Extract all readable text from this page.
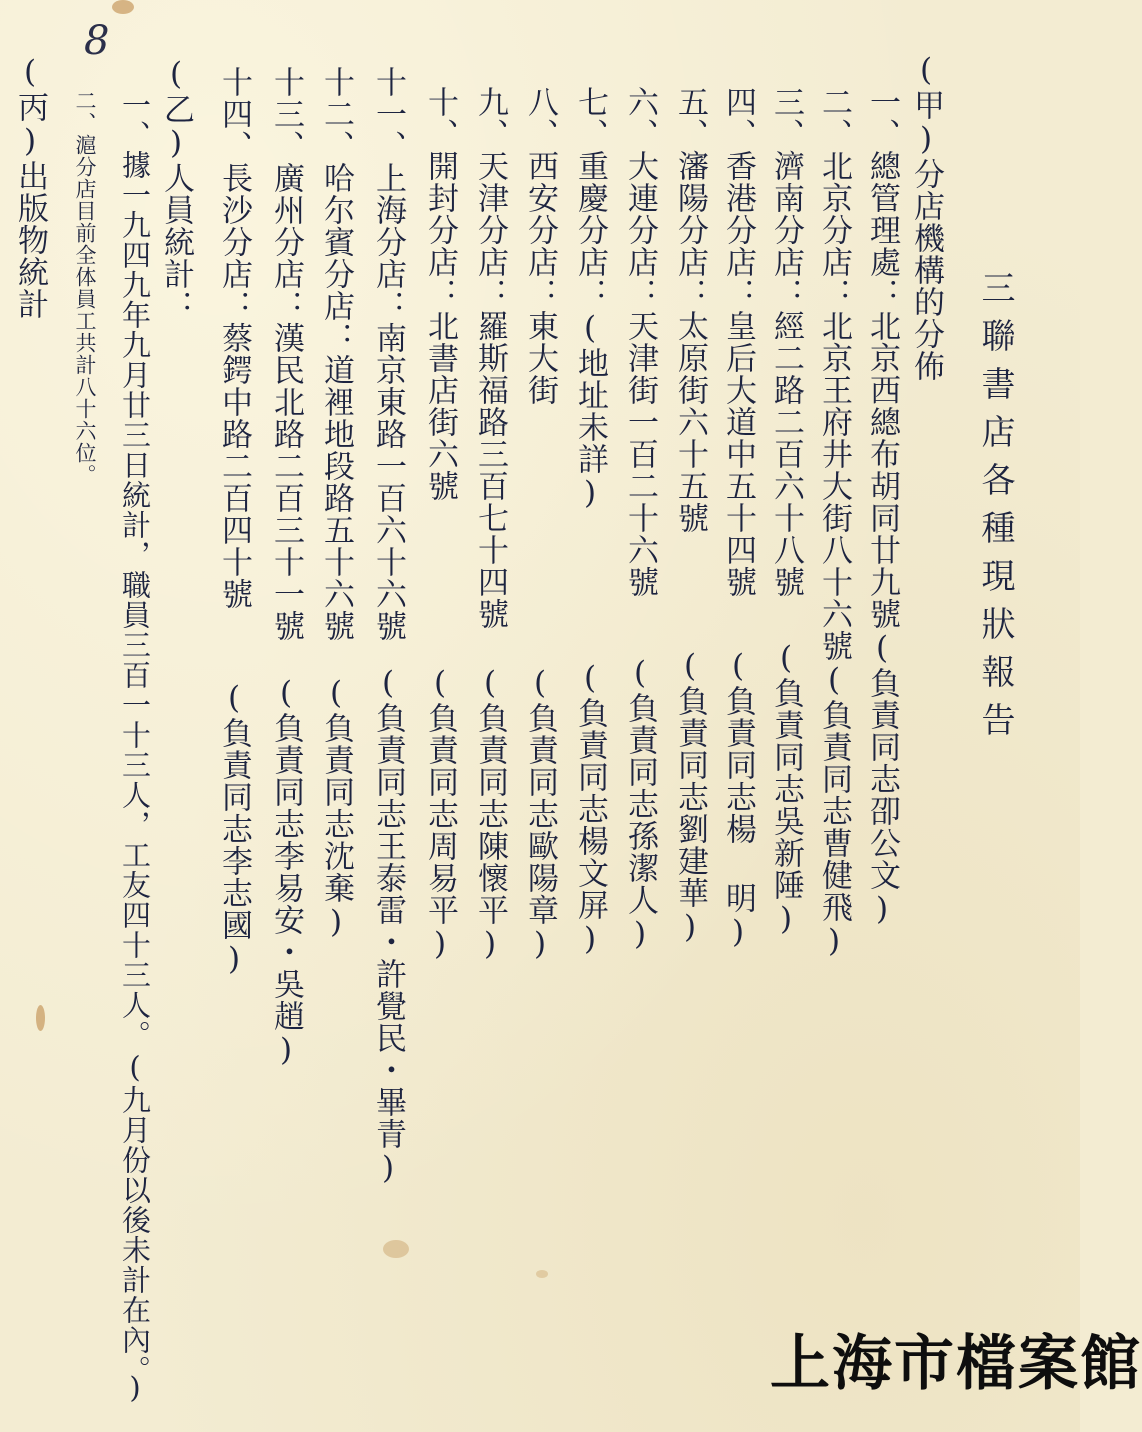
8
三聯書店各種現狀報告
(甲)分店機構的分佈
一、總管理處：北京西總布胡同廿九號(負責同志卲公文)
二、北京分店：北京王府井大街八十六號(負責同志曹健飛)
三、濟南分店：經二路二百六十八號
(負責同志吳新陲)
四、香港分店：皇后大道中五十四號
(負責同志楊 明)
五、瀋陽分店：太原街六十五號
(負責同志劉建華)
六、大連分店：天津街一百二十六號
(負責同志孫潔人)
七、重慶分店：(地址未詳)
(負責同志楊文屏)
八、西安分店：東大街
(負責同志歐陽章)
九、天津分店：羅斯福路三百七十四號
(負責同志陳懷平)
十、開封分店：北書店街六號
(負責同志周易平)
十一、上海分店：南京東路一百六十六號
(負責同志王泰雷・許覺民・畢青)
十二、哈尔賓分店：道裡地段路五十六號
(負責同志沈棄)
十三、廣州分店：漢民北路二百三十一號
(負責同志李易安・吳趙)
十四、長沙分店：蔡鍔中路二百四十號
(負責同志李志國)
(乙)人員統計：
一、據一九四九年九月廿三日統計，職員三百一十三人，工友四十三人。(九月份以後未計在內。)
二、滬分店目前全体員工共計八十六位。
(丙)出版物統計
上海市檔案館
